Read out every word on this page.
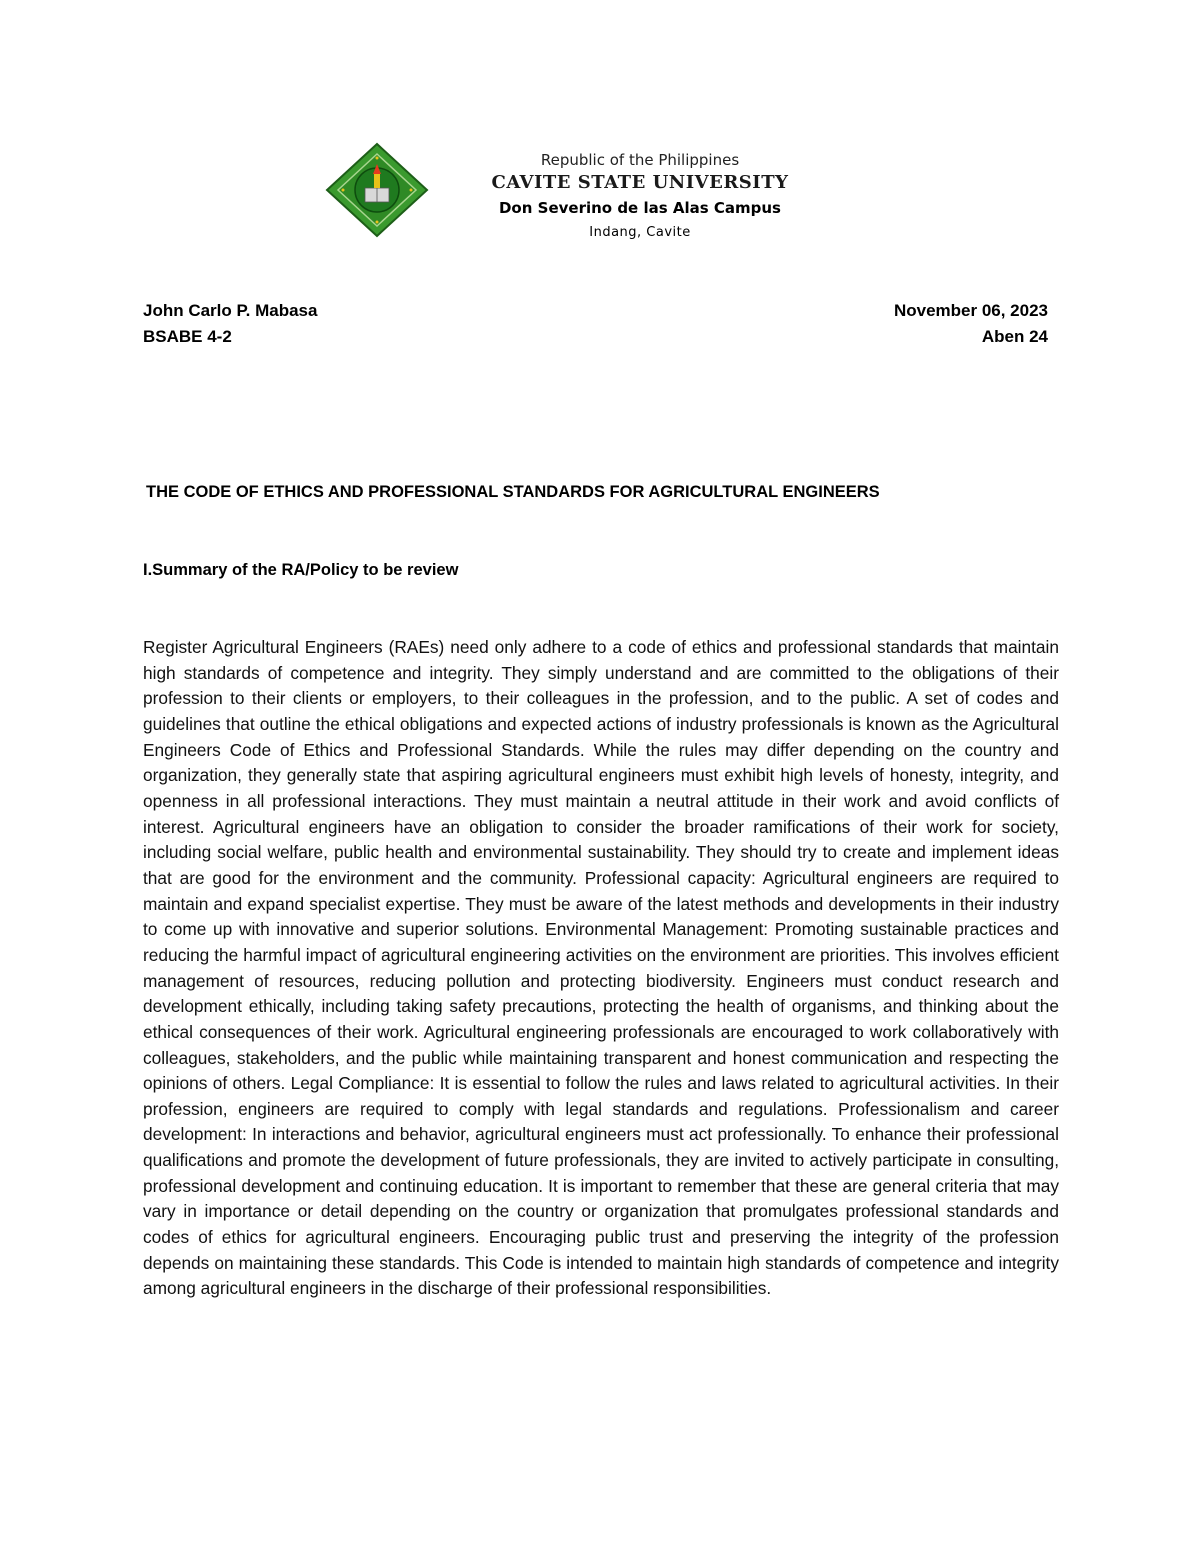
Republic of the Philippines
CAVITE STATE UNIVERSITY
Don Severino de las Alas Campus
Indang, Cavite
John Carlo P. Mabasa
BSABE 4-2
November 06, 2023
Aben 24
THE CODE OF ETHICS AND PROFESSIONAL STANDARDS FOR AGRICULTURAL ENGINEERS
I.Summary of the RA/Policy to be review
Register Agricultural Engineers (RAEs) need only adhere to a code of ethics and professional standards that maintain high standards of competence and integrity. They simply understand and are committed to the obligations of their profession to their clients or employers, to their colleagues in the profession, and to the public. A set of codes and guidelines that outline the ethical obligations and expected actions of industry professionals is known as the Agricultural Engineers Code of Ethics and Professional Standards. While the rules may differ depending on the country and organization, they generally state that aspiring agricultural engineers must exhibit high levels of honesty, integrity, and openness in all professional interactions. They must maintain a neutral attitude in their work and avoid conflicts of interest. Agricultural engineers have an obligation to consider the broader ramifications of their work for society, including social welfare, public health and environmental sustainability. They should try to create and implement ideas that are good for the environment and the community. Professional capacity: Agricultural engineers are required to maintain and expand specialist expertise. They must be aware of the latest methods and developments in their industry to come up with innovative and superior solutions. Environmental Management: Promoting sustainable practices and reducing the harmful impact of agricultural engineering activities on the environment are priorities. This involves efficient management of resources, reducing pollution and protecting biodiversity. Engineers must conduct research and development ethically, including taking safety precautions, protecting the health of organisms, and thinking about the ethical consequences of their work. Agricultural engineering professionals are encouraged to work collaboratively with colleagues, stakeholders, and the public while maintaining transparent and honest communication and respecting the opinions of others. Legal Compliance: It is essential to follow the rules and laws related to agricultural activities. In their profession, engineers are required to comply with legal standards and regulations. Professionalism and career development: In interactions and behavior, agricultural engineers must act professionally. To enhance their professional qualifications and promote the development of future professionals, they are invited to actively participate in consulting, professional development and continuing education. It is important to remember that these are general criteria that may vary in importance or detail depending on the country or organization that promulgates professional standards and codes of ethics for agricultural engineers. Encouraging public trust and preserving the integrity of the profession depends on maintaining these standards. This Code is intended to maintain high standards of competence and integrity among agricultural engineers in the discharge of their professional responsibilities.
